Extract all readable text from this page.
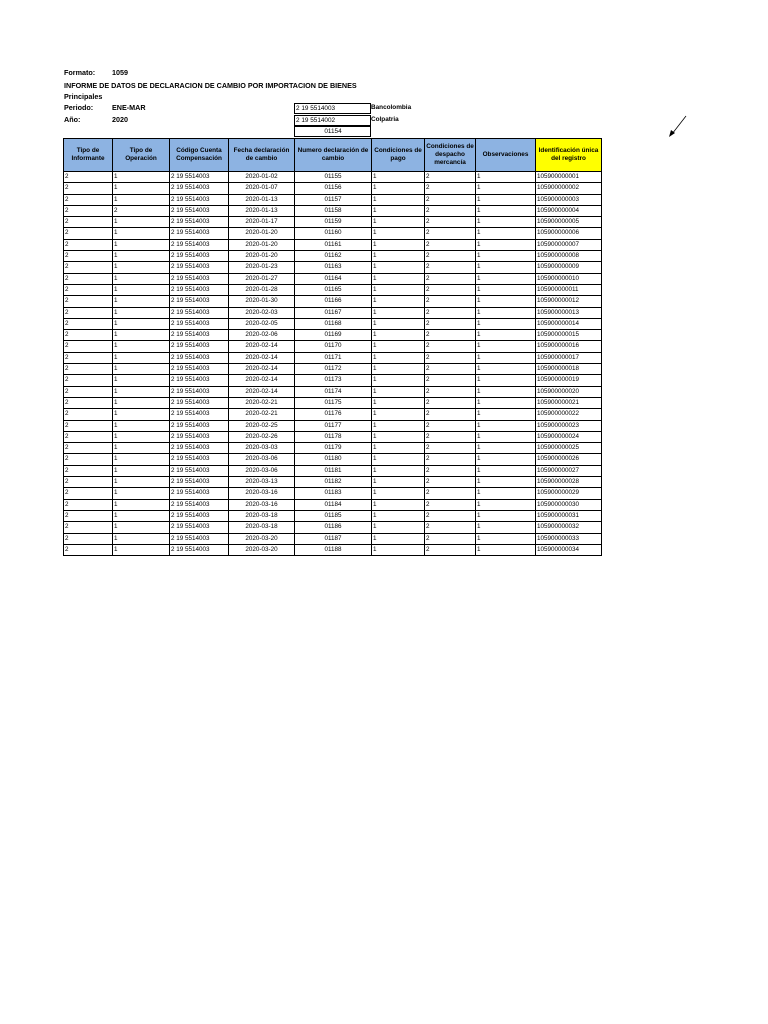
Formato: 1059
INFORME DE DATOS DE DECLARACION DE CAMBIO POR IMPORTACION DE BIENES
Principales
Periodo:	ENE-MAR
Año:	2020
2 19 5514003	Bancolombia
2 19 5514002	Colpatria
01154
Tipo de Informante	Tipo de Operación	Código Cuenta Compensación	Fecha declaración de cambio	Numero declaración de cambio	Condiciones de pago	Condiciones de despacho mercancía	Observaciones	Identificación única del registro
2	1	2 19 5514003	2020-01-02	01155	1	2	1	105900000001
2	1	2 19 5514003	2020-01-07	01156	1	2	1	105900000002
2	1	2 19 5514003	2020-01-13	01157	1	2	1	105900000003
2	2	2 19 5514003	2020-01-13	01158	1	2	1	105900000004
2	1	2 19 5514003	2020-01-17	01159	1	2	1	105900000005
2	1	2 19 5514003	2020-01-20	01160	1	2	1	105900000006
2	1	2 19 5514003	2020-01-20	01161	1	2	1	105900000007
2	1	2 19 5514003	2020-01-20	01162	1	2	1	105900000008
2	1	2 19 5514003	2020-01-23	01163	1	2	1	105900000009
2	1	2 19 5514003	2020-01-27	01164	1	2	1	105900000010
2	1	2 19 5514003	2020-01-28	01165	1	2	1	105900000011
2	1	2 19 5514003	2020-01-30	01166	1	2	1	105900000012
2	1	2 19 5514003	2020-02-03	01167	1	2	1	105900000013
2	1	2 19 5514003	2020-02-05	01168	1	2	1	105900000014
2	1	2 19 5514003	2020-02-06	01169	1	2	1	105900000015
2	1	2 19 5514003	2020-02-14	01170	1	2	1	105900000016
2	1	2 19 5514003	2020-02-14	01171	1	2	1	105900000017
2	1	2 19 5514003	2020-02-14	01172	1	2	1	105900000018
2	1	2 19 5514003	2020-02-14	01173	1	2	1	105900000019
2	1	2 19 5514003	2020-02-14	01174	1	2	1	105900000020
2	1	2 19 5514003	2020-02-21	01175	1	2	1	105900000021
2	1	2 19 5514003	2020-02-21	01176	1	2	1	105900000022
2	1	2 19 5514003	2020-02-25	01177	1	2	1	105900000023
2	1	2 19 5514003	2020-02-26	01178	1	2	1	105900000024
2	1	2 19 5514003	2020-03-03	01179	1	2	1	105900000025
2	1	2 19 5514003	2020-03-06	01180	1	2	1	105900000026
2	1	2 19 5514003	2020-03-06	01181	1	2	1	105900000027
2	1	2 19 5514003	2020-03-13	01182	1	2	1	105900000028
2	1	2 19 5514003	2020-03-16	01183	1	2	1	105900000029
2	1	2 19 5514003	2020-03-16	01184	1	2	1	105900000030
2	1	2 19 5514003	2020-03-18	01185	1	2	1	105900000031
2	1	2 19 5514003	2020-03-18	01186	1	2	1	105900000032
2	1	2 19 5514003	2020-03-20	01187	1	2	1	105900000033
2	1	2 19 5514003	2020-03-20	01188	1	2	1	105900000034
